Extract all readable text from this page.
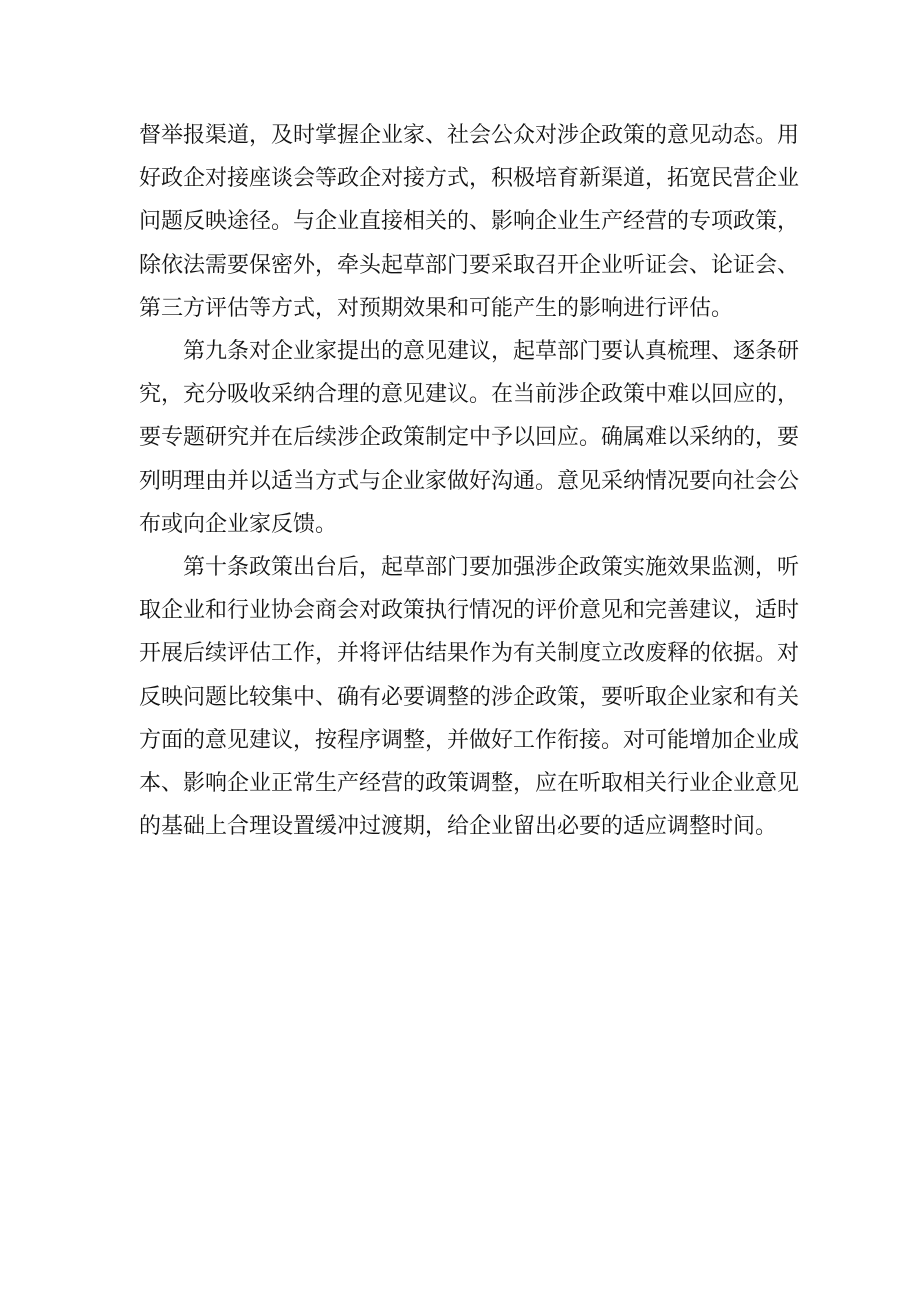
督举报渠道，及时掌握企业家、社会公众对涉企政策的意见动态。用好政企对接座谈会等政企对接方式，积极培育新渠道，拓宽民营企业问题反映途径。与企业直接相关的、影响企业生产经营的专项政策，除依法需要保密外，牵头起草部门要采取召开企业听证会、论证会、第三方评估等方式，对预期效果和可能产生的影响进行评估。

第九条对企业家提出的意见建议，起草部门要认真梳理、逐条研究，充分吸收采纳合理的意见建议。在当前涉企政策中难以回应的，要专题研究并在后续涉企政策制定中予以回应。确属难以采纳的，要列明理由并以适当方式与企业家做好沟通。意见采纳情况要向社会公布或向企业家反馈。

第十条政策出台后，起草部门要加强涉企政策实施效果监测，听取企业和行业协会商会对政策执行情况的评价意见和完善建议，适时开展后续评估工作，并将评估结果作为有关制度立改废释的依据。对反映问题比较集中、确有必要调整的涉企政策，要听取企业家和有关方面的意见建议，按程序调整，并做好工作衔接。对可能增加企业成本、影响企业正常生产经营的政策调整，应在听取相关行业企业意见的基础上合理设置缓冲过渡期，给企业留出必要的适应调整时间。
